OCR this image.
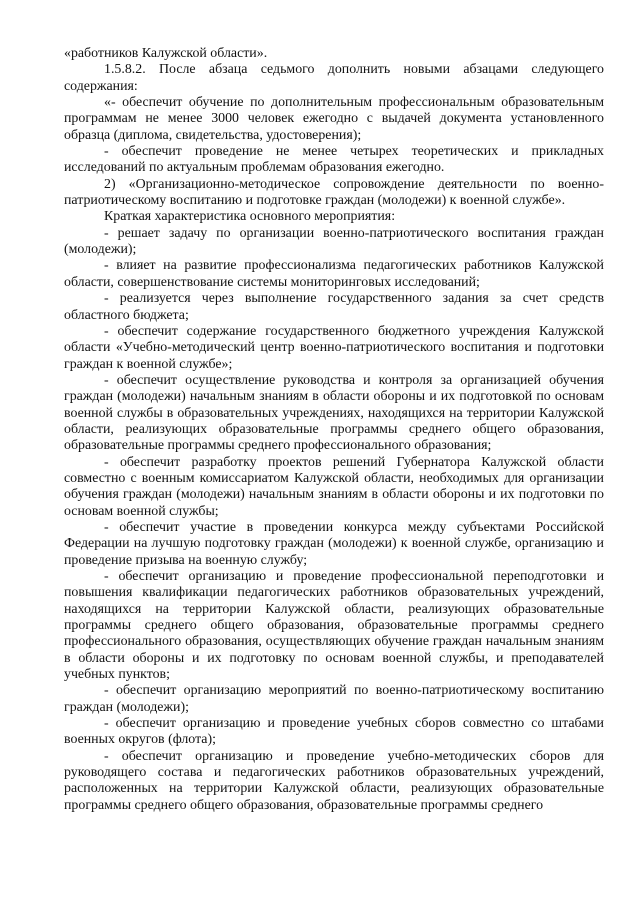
«работников Калужской области».

1.5.8.2. После абзаца седьмого дополнить новыми абзацами следующего содержания:

«- обеспечит обучение по дополнительным профессиональным образовательным программам не менее 3000 человек ежегодно с выдачей документа установленного образца (диплома, свидетельства, удостоверения);

- обеспечит проведение не менее четырех теоретических и прикладных исследований по актуальным проблемам образования ежегодно.

2) «Организационно-методическое сопровождение деятельности по военно-патриотическому воспитанию и подготовке граждан (молодежи) к военной службе».

Краткая характеристика основного мероприятия:

- решает задачу по организации военно-патриотического воспитания граждан (молодежи);

- влияет на развитие профессионализма педагогических работников Калужской области, совершенствование системы мониторинговых исследований;

- реализуется через выполнение государственного задания за счет средств областного бюджета;

- обеспечит содержание государственного бюджетного учреждения Калужской области «Учебно-методический центр военно-патриотического воспитания и подготовки граждан к военной службе»;

- обеспечит осуществление руководства и контроля за организацией обучения граждан (молодежи) начальным знаниям в области обороны и их подготовкой по основам военной службы в образовательных учреждениях, находящихся на территории Калужской области, реализующих образовательные программы среднего общего образования, образовательные программы среднего профессионального образования;

- обеспечит разработку проектов решений Губернатора Калужской области совместно с военным комиссариатом Калужской области, необходимых для организации обучения граждан (молодежи) начальным знаниям в области обороны и их подготовки по основам военной службы;

- обеспечит участие в проведении конкурса между субъектами Российской Федерации на лучшую подготовку граждан (молодежи) к военной службе, организацию и проведение призыва на военную службу;

- обеспечит организацию и проведение профессиональной переподготовки и повышения квалификации педагогических работников образовательных учреждений, находящихся на территории Калужской области, реализующих образовательные программы среднего общего образования, образовательные программы среднего профессионального образования, осуществляющих обучение граждан начальным знаниям в области обороны и их подготовку по основам военной службы, и преподавателей учебных пунктов;

- обеспечит организацию мероприятий по военно-патриотическому воспитанию граждан (молодежи);

- обеспечит организацию и проведение учебных сборов совместно со штабами военных округов (флота);

- обеспечит организацию и проведение учебно-методических сборов для руководящего состава и педагогических работников образовательных учреждений, расположенных на территории Калужской области, реализующих образовательные программы среднего общего образования, образовательные программы среднего
